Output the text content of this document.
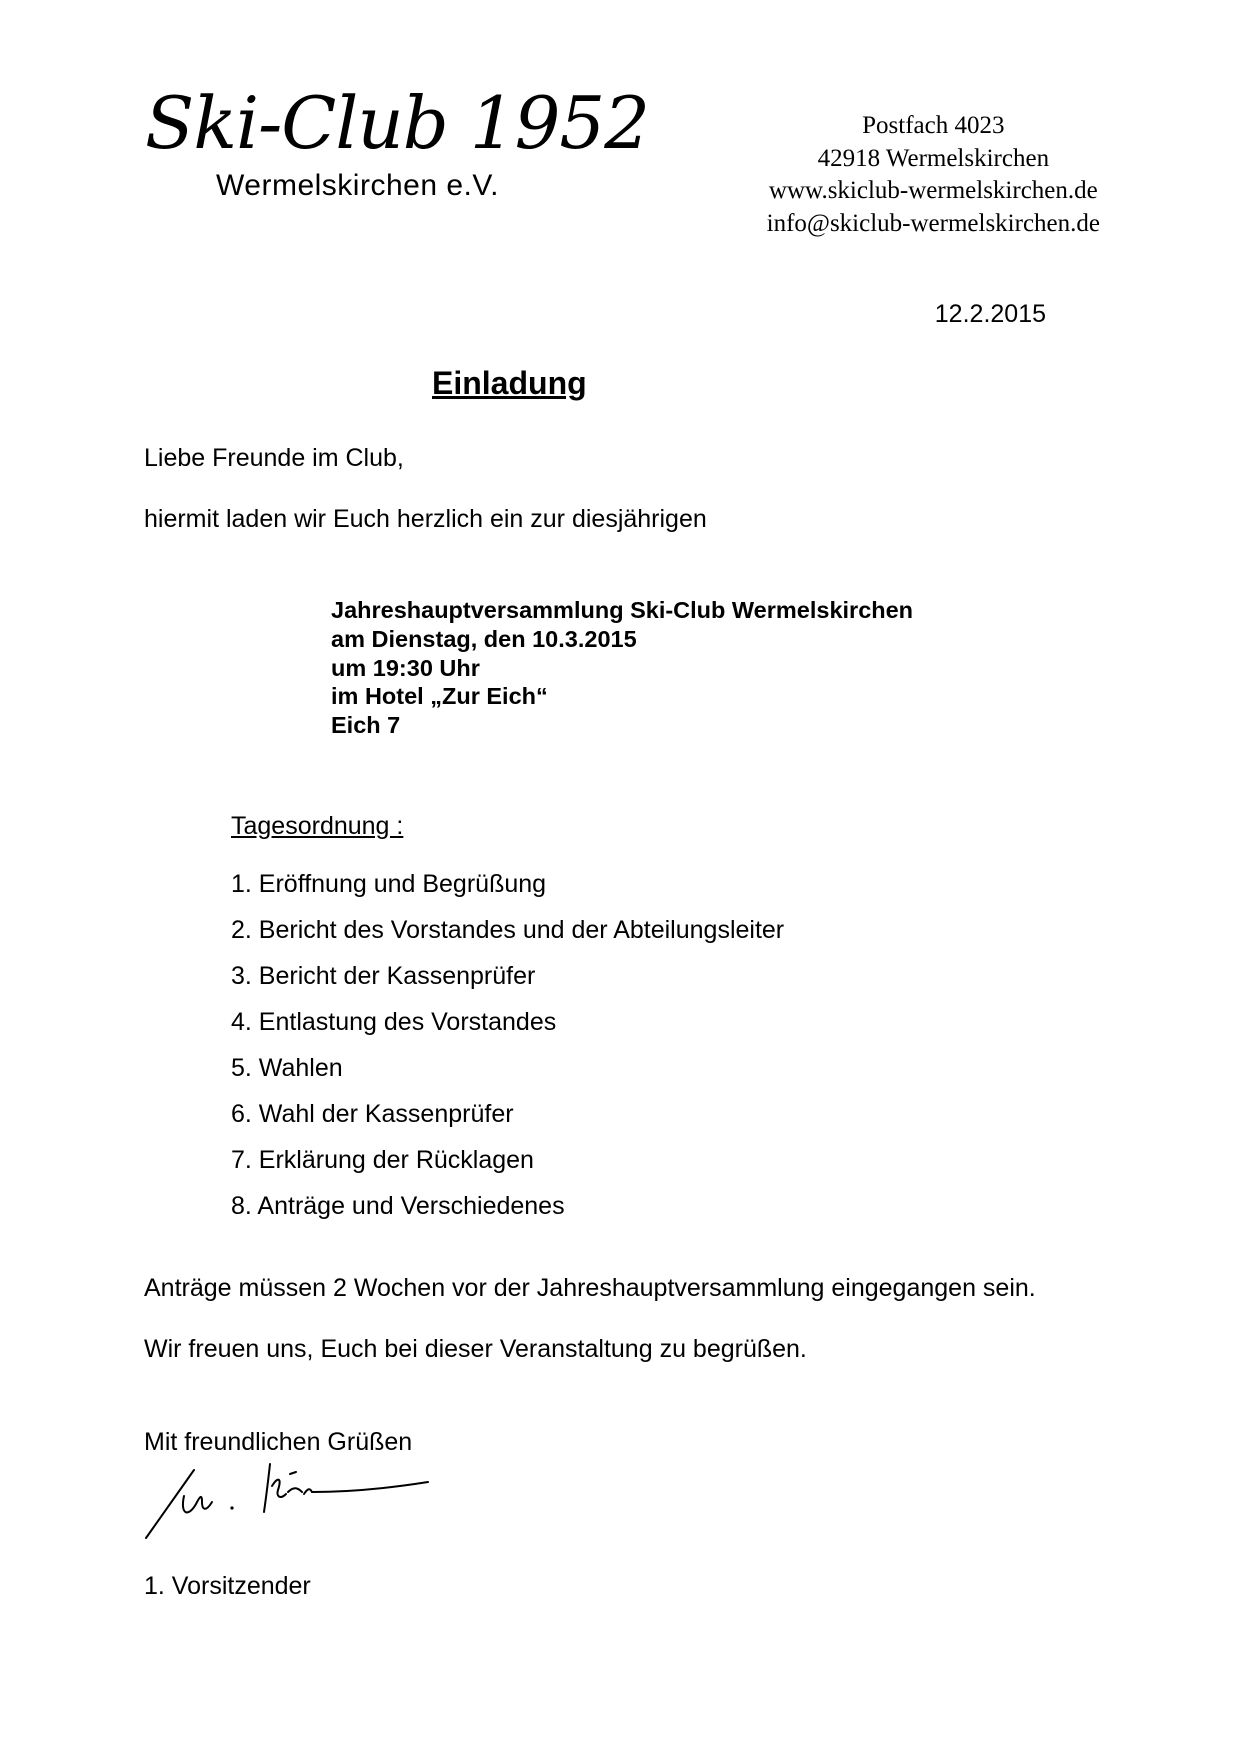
Ski-Club 1952
Wermelskirchen e.V.
Postfach 4023
42918 Wermelskirchen
www.skiclub-wermelskirchen.de
info@skiclub-wermelskirchen.de
12.2.2015
Einladung
Liebe Freunde im Club,
hiermit laden wir Euch herzlich ein zur diesjährigen
Jahreshauptversammlung Ski-Club Wermelskirchen
am Dienstag, den 10.3.2015
um 19:30 Uhr
im Hotel „Zur Eich“
Eich 7
Tagesordnung :
1. Eröffnung und Begrüßung
2. Bericht des Vorstandes und der Abteilungsleiter
3. Bericht der Kassenprüfer
4. Entlastung des Vorstandes
5. Wahlen
6. Wahl der Kassenprüfer
7. Erklärung der Rücklagen
8. Anträge und Verschiedenes
Anträge müssen 2 Wochen vor der Jahreshauptversammlung eingegangen sein.
Wir freuen uns, Euch bei dieser Veranstaltung zu begrüßen.
Mit freundlichen Grüßen
1. Vorsitzender
